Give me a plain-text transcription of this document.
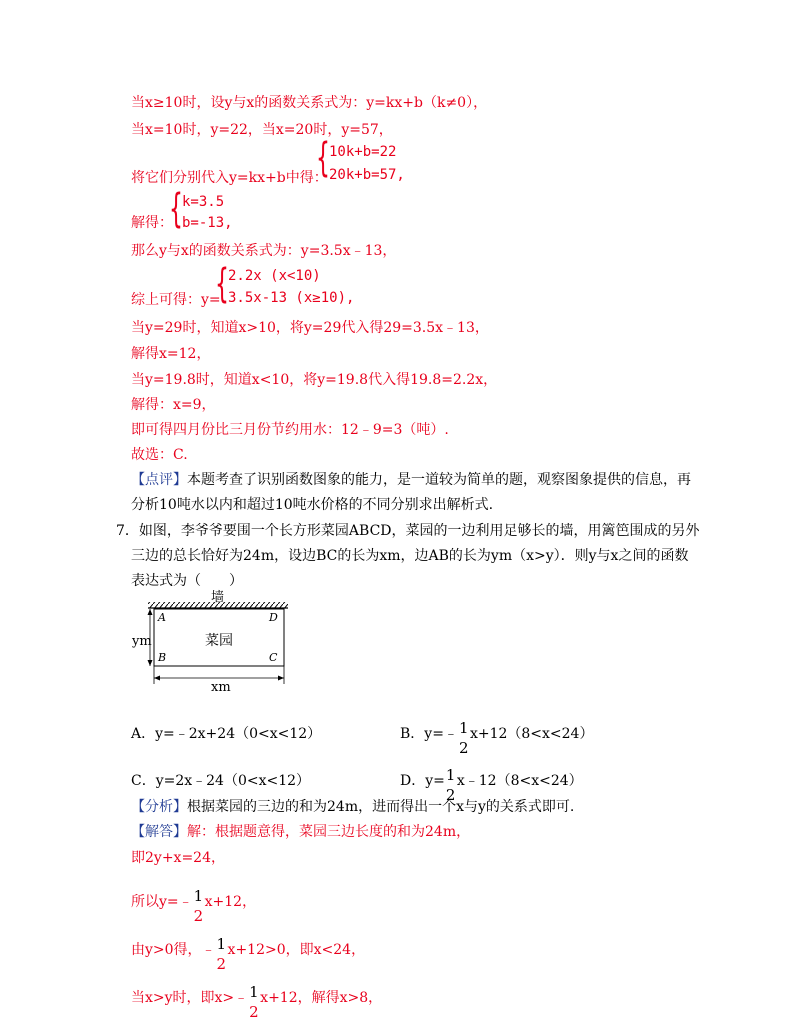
当x≥10时，设y与x的函数关系式为：y=kx+b（k≠0），
当x=10时，y=22，当x=20时，y=57，
将它们分别代入y=kx+b中得：
{ 10k+b=22
20k+b=57,
解得：
{ k=3.5
b=-13,
那么y与x的函数关系式为：y=3.5x﹣13，
综上可得：y=
{ 2.2x (x<10)
3.5x-13 (x≥10),
当y=29时，知道x>10，将y=29代入得29=3.5x﹣13，
解得x=12，
当y=19.8时，知道x<10，将y=19.8代入得19.8=2.2x，
解得：x=9，
即可得四月份比三月份节约用水：12﹣9=3（吨）.
故选：C.
【点评】本题考查了识别函数图象的能力，是一道较为简单的题，观察图象提供的信息，再
分析10吨水以内和超过10吨水价格的不同分别求出解析式.
7．如图，李爷爷要围一个长方形菜园ABCD，菜园的一边利用足够长的墙，用篱笆围成的另外
三边的总长恰好为24m，设边BC的长为xm，边AB的长为ym（x>y）．则y与x之间的函数
表达式为（　　）
墙
菜园
A	D
B	C
ym
xm
A．y=﹣2x+24（0<x<12）	B．y=﹣ 1
2
x+12（8<x<24）
C．y=2x﹣24（0<x<12）	D．y= 1
2
x﹣12（8<x<24）
【分析】根据菜园的三边的和为24m，进而得出一个x与y的关系式即可.
【解答】解：根据题意得，菜园三边长度的和为24m，
即2y+x=24，
所以y=﹣ 1
2
x+12，
由y>0得，﹣ 1
2
x+12>0，即x<24，
当x>y时，即x>﹣ 1
2
x+12，解得x>8，
